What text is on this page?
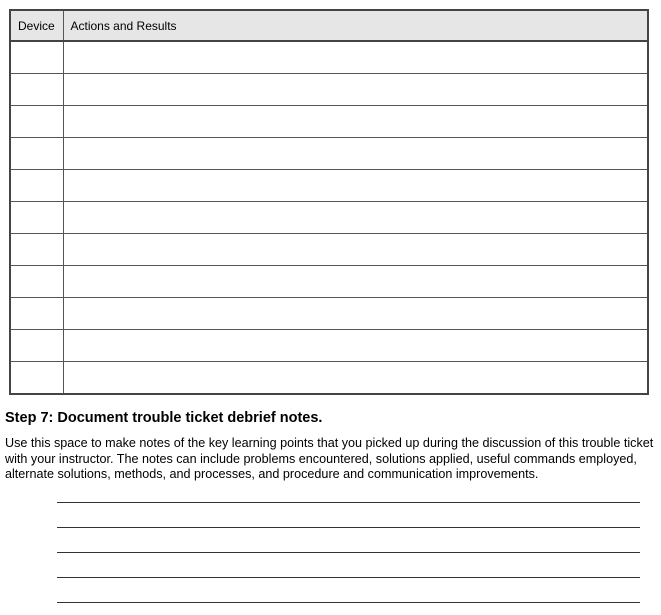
Device	Actions and Results

Step 7: Document trouble ticket debrief notes.

Use this space to make notes of the key learning points that you picked up during the discussion of this trouble ticket with your instructor. The notes can include problems encountered, solutions applied, useful commands employed, alternate solutions, methods, and processes, and procedure and communication improvements.
